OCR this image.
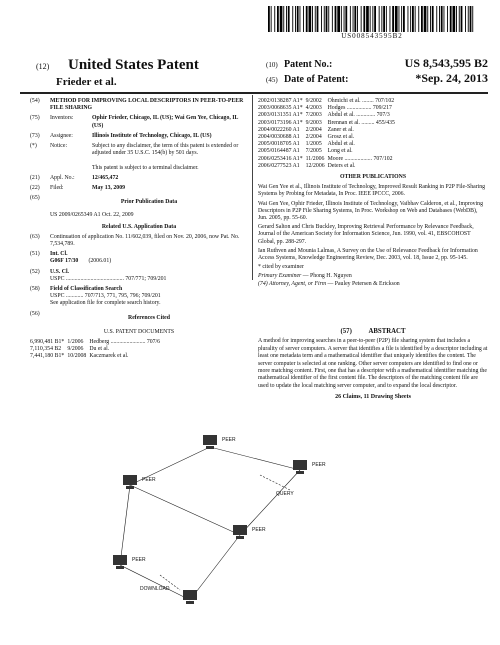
US008543595B2
(12) United States Patent
Frieder et al.
(10) Patent No.:	US 8,543,595 B2
(45) Date of Patent:	*Sep. 24, 2013
(54)	METHOD FOR IMPROVING LOCAL DESCRIPTORS IN PEER-TO-PEER FILE SHARING
(75)	Inventors:	Ophir Frieder, Chicago, IL (US); Wai Gen Yee, Chicago, IL (US)
(73)	Assignee:	Illinois Institute of Technology, Chicago, IL (US)
(*)	Notice:	Subject to any disclaimer, the term of this patent is extended or adjusted under 35 U.S.C. 154(b) by 501 days.

This patent is subject to a terminal disclaimer.
(21)	Appl. No.:	12/465,472
(22)	Filed:	May 13, 2009
(65)
Prior Publication Data
US 2009/0265349 A1 Oct. 22, 2009
Related U.S. Application Data
(63)	Continuation of application No. 11/602,039, filed on Nov. 20, 2006, now Pat. No. 7,534,789.
(51)	Int. Cl.
G06F 17/30 (2006.01)
(52)	U.S. Cl.
USPC ........................................ 707/771; 709/201
(58)	Field of Classification Search
USPC ............ 707/713, 771, 795, 796; 709/201
See application file for complete search history.
(56)
References Cited
U.S. PATENT DOCUMENTS
6,990,481 B1*	1/2006	Hedberg ........................ 707/6
7,110,354 B2	9/2006	Du et al.
7,441,180 B1*	10/2008	Kaczmarek et al.
2002/0138287 A1*	9/2002	Ohmichi et al. ........ 707/102
2003/0068635 A1*	4/2003	Hodges ................. 709/217
2003/0131351 A1*	7/2003	Abdul et al. ............. 707/3
2003/0173196 A1*	9/2003	Brennan et al. ......... 455/435
2004/0022260 A1	2/2004	Zaner et al.
2004/0030688 A1	2/2004	Grosz et al.
2005/0018705 A1	1/2005	Abdul et al.
2005/0164487 A1	7/2005	Long et al.
2006/0253416 A1*	11/2006	Moore ................... 707/102
2006/0277523 A1	12/2006	Deters et al.
OTHER PUBLICATIONS
Wai Gen Yee et al., Illinois Institute of Technology, Improved Result Ranking in P2P File-Sharing Systems by Probing for Metadata, In Proc. IEEE IPCCC, 2006.
Wai Gen Yee, Ophir Frieder, Illinois Institute of Technology, Vaibhav Calderon, et al., Improving Descriptors in P2P File Sharing Systems, In Proc. Workshop on Web and Databases (WebDB), Jun. 2005, pp. 55-60.
Gerard Salton and Chris Buckley, Improving Retrieval Performance by Relevance Feedback, Journal of the American Society for Information Science, Jun. 1990, vol. 41, EBSCOHOST Global, pp. 288-297.
Ian Ruthven and Mounia Lalmas, A Survey on the Use of Relevance Feedback for Information Access Systems, Knowledge Engineering Review, Dec. 2003, vol. 18, Issue 2, pp. 95-145.
* cited by examiner
Primary Examiner — Phong H. Nguyen
(74) Attorney, Agent, or Firm — Pauley Petersen & Erickson
(57) ABSTRACT
A method for improving searches in a peer-to-peer (P2P) file sharing system that includes a plurality of server computers. A server that identifies a file is identified by a descriptor including at least one metadata term and a mathematical identifier that uniquely identifies the content. The server computer is selected at one ranking. Other server computers are identified to find one or more matching content. First, one that has a descriptor with a mathematical identifier matching the mathematical identifier of the first content file. The descriptors of the matching content file are used to update the local matching server computer, and to expand the local descriptor.
26 Claims, 11 Drawing Sheets
PEER
PEER
PEER
PEER
PEER
DOWNLOAD
QUERY
